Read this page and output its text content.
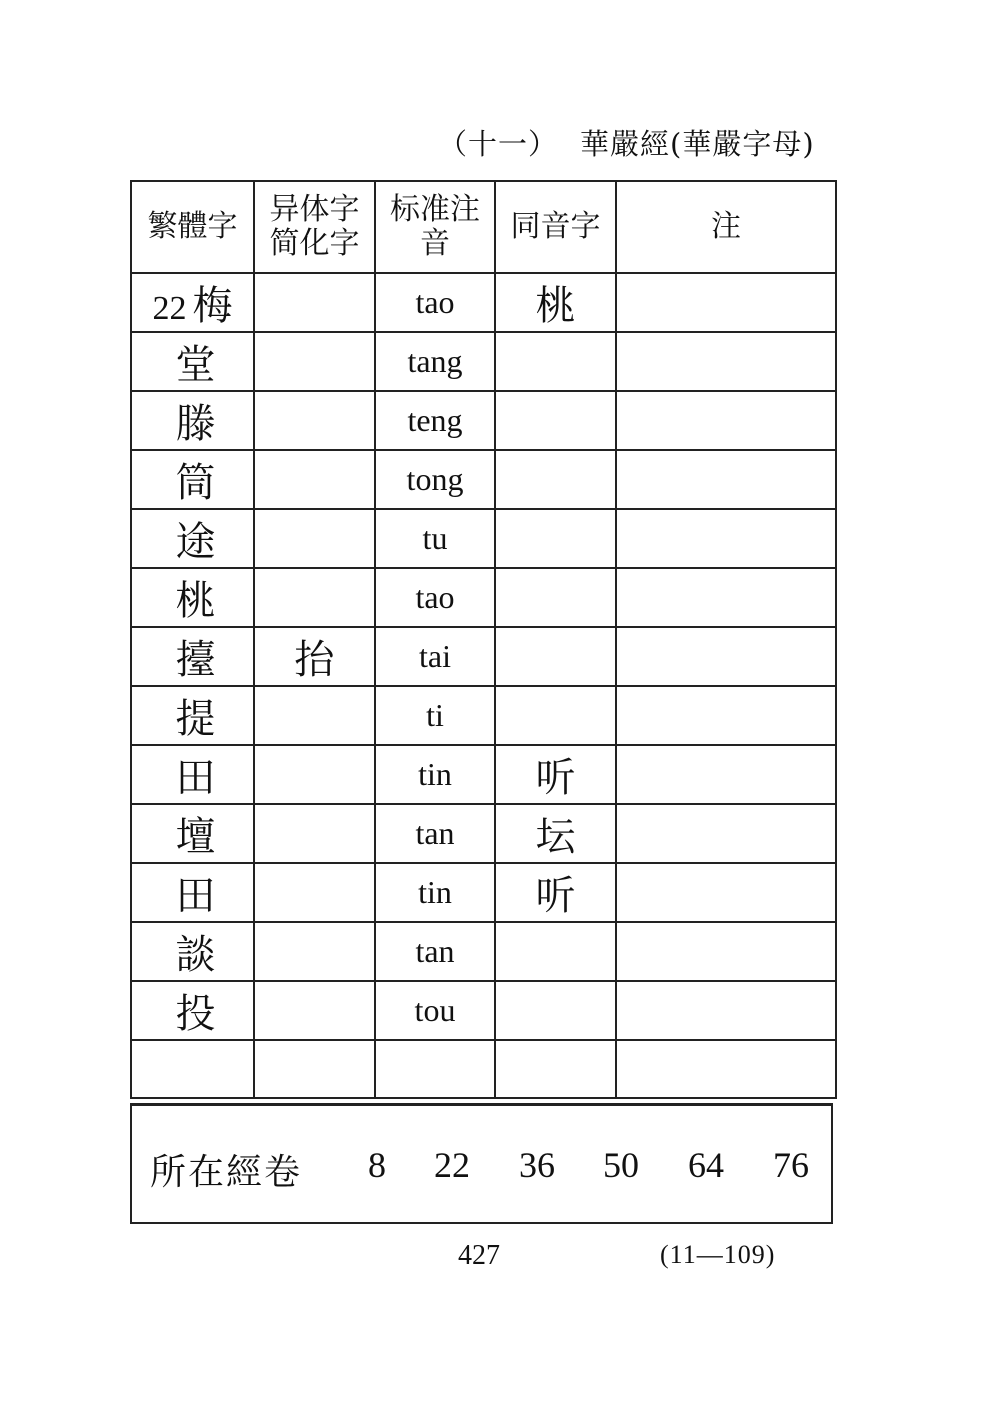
（十一） 華嚴經(華嚴字母)
繁體字	异体字简化字	标准注音	同音字	注
22 梅		tao	桃	
堂		tang		
滕		teng		
筒		tong		
途		tu		
桃		tao		
擡	抬	tai		
提		ti		
田		tin	听	
壇		tan	坛	
田		tin	听	
談		tan		
投		tou		

所在經卷 8 22 36 50 64 76
427	(11—109)
